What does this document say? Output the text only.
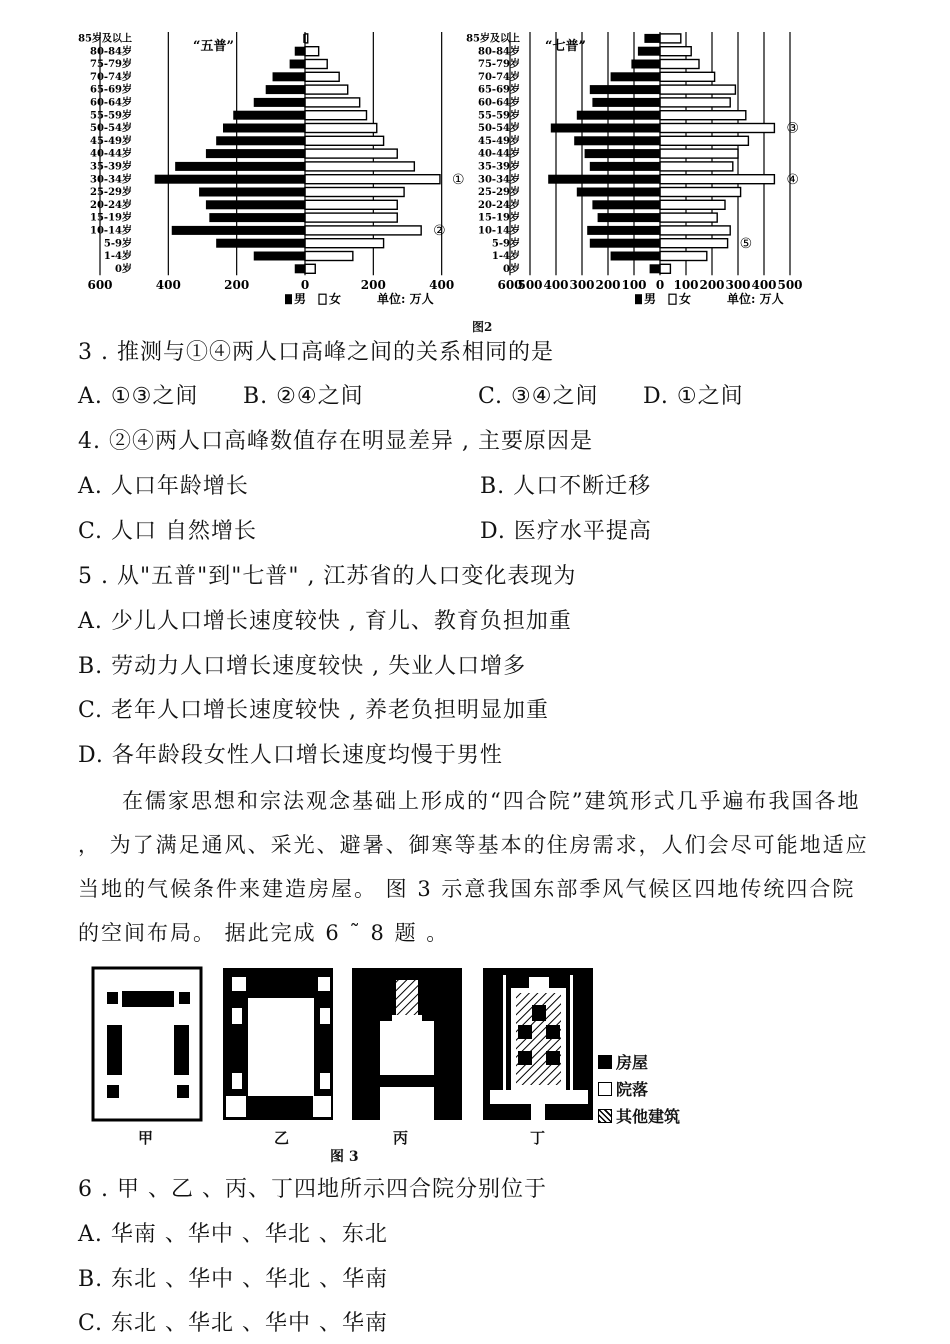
85岁及以上
80-84岁
75-79岁
70-74岁
65-69岁
60-64岁
55-59岁
50-54岁
45-49岁
40-44岁
35-39岁
30-34岁
25-29岁
20-24岁
15-19岁
10-14岁
5-9岁
1-4岁
0岁
“五普”
①
②
600	400	200	0	200	400	600
男 女	单位: 万人
85岁及以上
80-84岁
75-79岁
70-74岁
65-69岁
60-64岁
55-59岁
50-54岁
45-49岁
40-44岁
35-39岁
30-34岁
25-29岁
20-24岁
15-19岁
10-14岁
5-9岁
1-4岁
0岁
“七普”
③
④
⑤
500 400 300 200 100 0 100 200 300 400 500
男 女	单位: 万人
图2
3 . 推测与①④两人口高峰之间的关系相同的是
A. ①③之间 B. ②④之间	C. ③④之间 D. ①之间
4. ②④两人口高峰数值存在明显差异 , 主要原因是
A. 人口年龄增长	B. 人口不断迁移
C. 人口 自然增长	D. 医疗水平提高
5 . 从"五普"到"七普" , 江苏省的人口变化表现为
A. 少儿人口增长速度较快 , 育儿、教育负担加重
B. 劳动力人口增长速度较快 , 失业人口增多
C. 老年人口增长速度较快 , 养老负担明显加重
D. 各年龄段女性人口增长速度均慢于男性
在儒家思想和宗法观念基础上形成的“四合院”建筑形式几乎遍布我国各地
， 为了满足通风、采光、避暑、御寒等基本的住房需求，人们会尽可能地适应
当地的气候条件来建造房屋。 图 3 示意我国东部季风气候区四地传统四合院
的空间布局。 据此完成 6 ˜ 8 题 。
甲	乙	丙	丁
图 3
房屋
院落
其他建筑
6 . 甲 、乙 、丙、丁四地所示四合院分别位于
A. 华南 、华中 、华北 、东北
B. 东北 、华中 、华北 、华南
C. 东北 、华北 、华中 、华南
